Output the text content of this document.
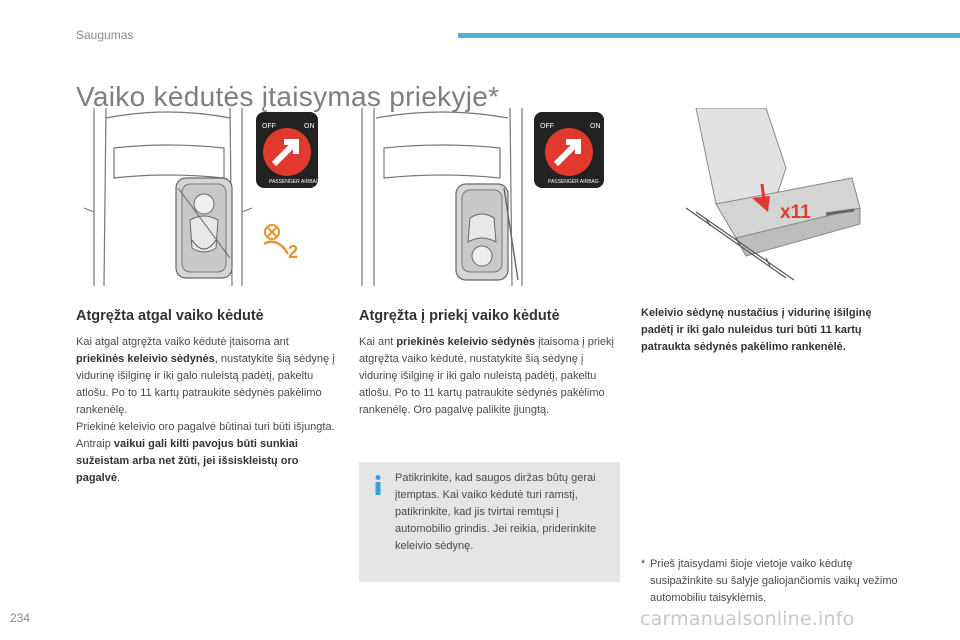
Saugumas
Vaiko kėdutės įtaisymas priekyje*
OFF	ON
PASSENGER AIRBAG
2
OFF	ON
PASSENGER AIRBAG
x11
Atgręžta atgal vaiko kėdutė

Kai atgal atgręžta vaiko kėdutė įtaisoma ant priekinės keleivio sėdynės, nustatykite šią sėdynę į vidurinę išilginę ir iki galo nuleistą padėtį, pakeltu atlošu. Po to 11 kartų patraukite sėdynės pakėlimo rankenėlę.

Priekinė keleivio oro pagalvė būtinai turi būti išjungta. Antraip vaikui gali kilti pavojus būti sunkiai sužeistam arba net žūti, jei išsiskleistų oro pagalvė.

Atgręžta į priekį vaiko kėdutė

Kai ant priekinės keleivio sėdynės įtaisoma į priekį atgręžta vaiko kėdutė, nustatykite šią sėdynę į vidurinę išilginę ir iki galo nuleistą padėtį, pakeltu atlošu. Po to 11 kartų patraukite sėdynės pakėlimo rankenėlę. Oro pagalvę palikite įjungtą.

Keleivio sėdynę nustačius į vidurinę išilginę padėtį ir iki galo nuleidus turi būti 11 kartų patraukta sėdynės pakėlimo rankenėlė.

Patikrinkite, kad saugos diržas būtų gerai įtemptas. Kai vaiko kėdutė turi ramstį, patikrinkite, kad jis tvirtai remtųsi į automobilio grindis. Jei reikia, priderinkite keleivio sėdynę.

* Prieš įtaisydami šioje vietoje vaiko kėdutę susipažinkite su šalyje galiojančiomis vaikų vežimo automobiliu taisyklėmis.
234	carmanualsonline.info
